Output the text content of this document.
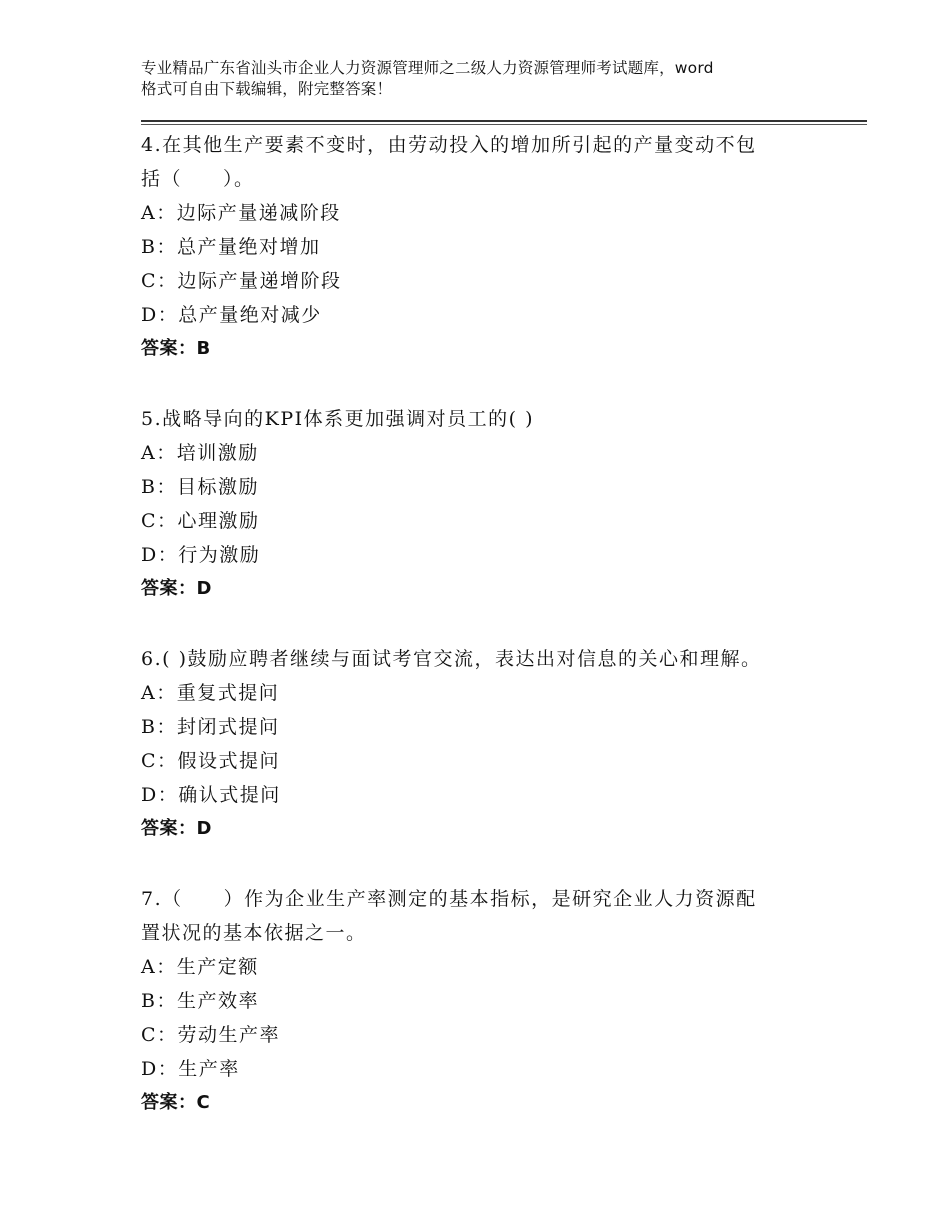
专业精品广东省汕头市企业人力资源管理师之二级人力资源管理师考试题库，word
格式可自由下载编辑，附完整答案！
4.在其他生产要素不变时，由劳动投入的增加所引起的产量变动不包
括（　　）。
A：边际产量递减阶段
B：总产量绝对增加
C：边际产量递增阶段
D：总产量绝对减少
答案：B
5.战略导向的KPI体系更加强调对员工的( )
A：培训激励
B：目标激励
C：心理激励
D：行为激励
答案：D
6.( )鼓励应聘者继续与面试考官交流，表达出对信息的关心和理解。
A：重复式提问
B：封闭式提问
C：假设式提问
D：确认式提问
答案：D
7.（　　）作为企业生产率测定的基本指标，是研究企业人力资源配
置状况的基本依据之一。
A：生产定额
B：生产效率
C：劳动生产率
D：生产率
答案：C
